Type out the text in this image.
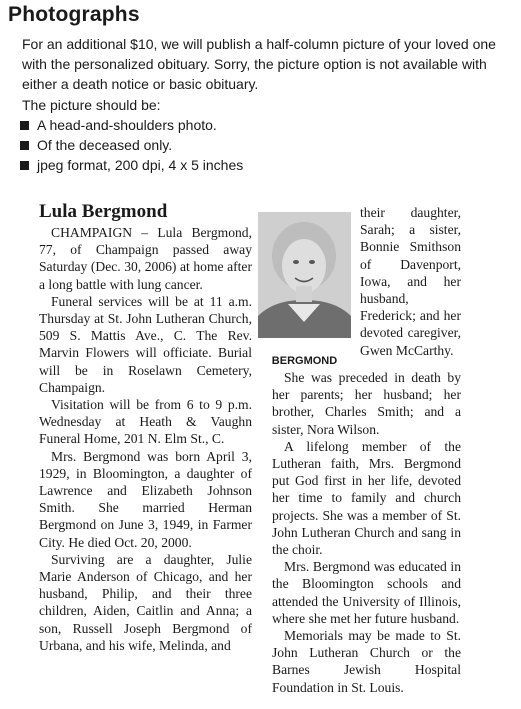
Photographs

For an additional $10, we will publish a half-column picture of your loved one with the personalized obituary. Sorry, the picture option is not available with either a death notice or basic obituary.

The picture should be:
A head-and-shoulders photo.
Of the deceased only.
jpeg format, 200 dpi, 4 x 5 inches
Lula Bergmond

CHAMPAIGN – Lula Bergmond, 77, of Champaign passed away Saturday (Dec. 30, 2006) at home after a long battle with lung cancer.

Funeral services will be at 11 a.m. Thursday at St. John Lutheran Church, 509 S. Mattis Ave., C. The Rev. Marvin Flowers will officiate. Burial will be in Roselawn Cemetery, Champaign.

Visitation will be from 6 to 9 p.m. Wednesday at Heath & Vaughn Funeral Home, 201 N. Elm St., C.

Mrs. Bergmond was born April 3, 1929, in Bloomington, a daughter of Lawrence and Elizabeth Johnson Smith. She married Herman Bergmond on June 3, 1949, in Farmer City. He died Oct. 20, 2000.

Surviving are a daughter, Julie Marie Anderson of Chicago, and her husband, Philip, and their three children, Aiden, Caitlin and Anna; a son, Russell Joseph Bergmond of Urbana, and his wife, Melinda, and

BERGMOND

their daughter, Sarah; a sister, Bonnie Smithson of Davenport, Iowa, and her husband, Frederick; and her devoted caregiver, Gwen McCarthy.

She was preceded in death by her parents; her husband; her brother, Charles Smith; and a sister, Nora Wilson.

A lifelong member of the Lutheran faith, Mrs. Bergmond put God first in her life, devoted her time to family and church projects. She was a member of St. John Lutheran Church and sang in the choir.

Mrs. Bergmond was educated in the Bloomington schools and attended the University of Illinois, where she met her future husband.

Memorials may be made to St. John Lutheran Church or the Barnes Jewish Hospital Foundation in St. Louis.
